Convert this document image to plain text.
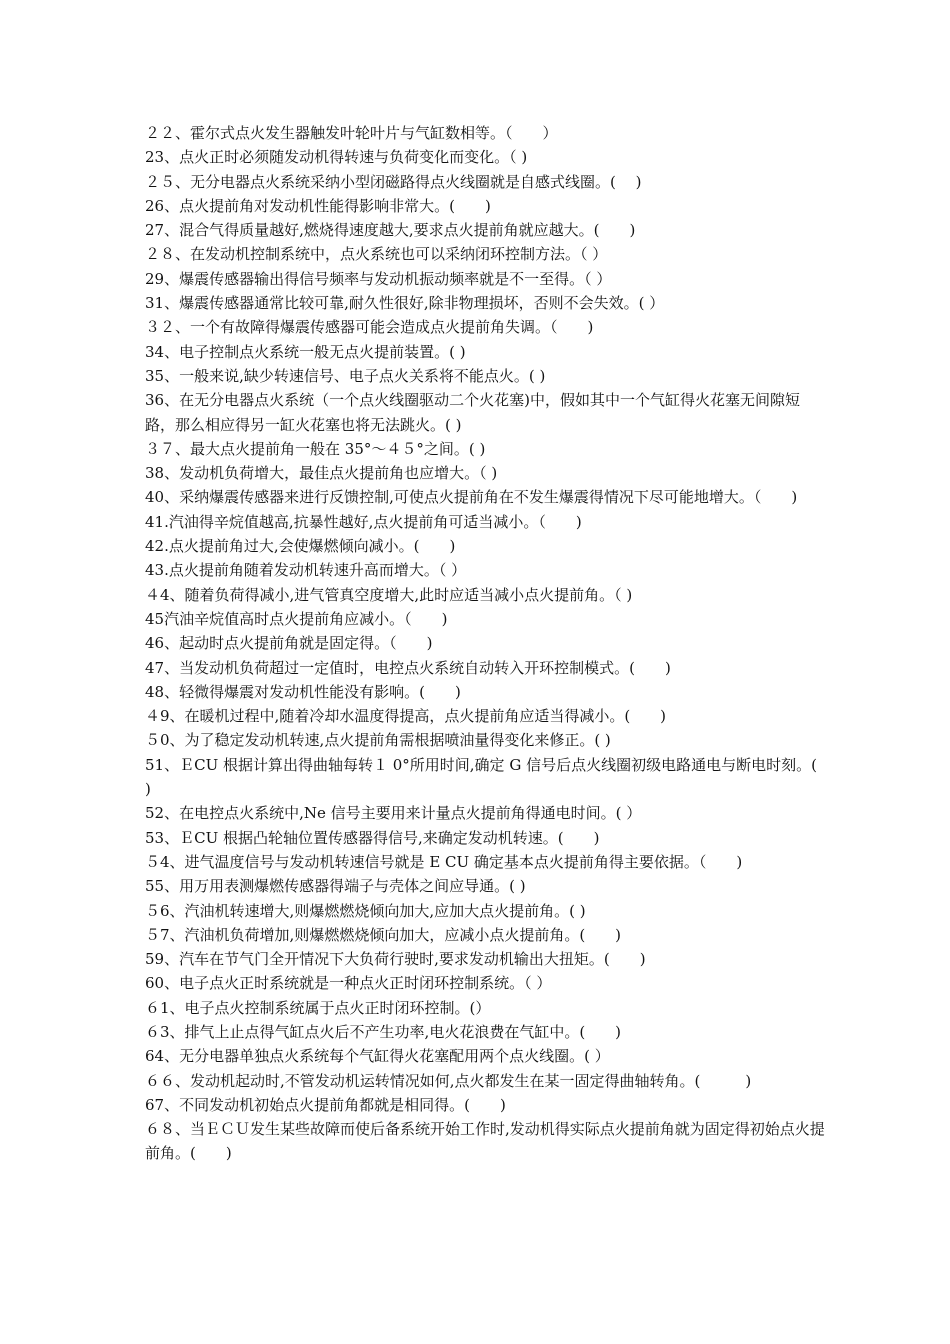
２２、霍尔式点火发生器触发叶轮叶片与气缸数相等。（　　）

23、点火正时必须随发动机得转速与负荷变化而变化。（ )

２５、无分电器点火系统采纳小型闭磁路得点火线圈就是自感式线圈。( 　)

26、点火提前角对发动机性能得影响非常大。(　　)

27、混合气得质量越好,燃烧得速度越大,要求点火提前角就应越大。(　　)

２８、在发动机控制系统中，点火系统也可以采纳闭环控制方法。（ ）

29、爆震传感器输出得信号频率与发动机振动频率就是不一至得。（ ）

31、爆震传感器通常比较可靠,耐久性很好,除非物理损坏，否则不会失效。( ）

３２、一个有故障得爆震传感器可能会造成点火提前角失调。（　　)

34、电子控制点火系统一般无点火提前装置。( )

35、一般来说,缺少转速信号、电子点火关系将不能点火。( )

36、在无分电器点火系统（一个点火线圈驱动二个火花塞)中，假如其中一个气缸得火花塞无间隙短路，那么相应得另一缸火花塞也将无法跳火。( )

３７、最大点火提前角一般在 35°～４５°之间。( )

38、发动机负荷增大，最佳点火提前角也应增大。（ )

40、采纳爆震传感器来进行反馈控制,可使点火提前角在不发生爆震得情况下尽可能地增大。（　　)

41.汽油得辛烷值越高,抗暴性越好,点火提前角可适当减小。（　　)

42.点火提前角过大,会使爆燃倾向减小。(　　)

43.点火提前角随着发动机转速升高而增大。（ ）

４4、随着负荷得减小,进气管真空度增大,此时应适当减小点火提前角。（ )

45汽油辛烷值高时点火提前角应减小。（　　)

46、起动时点火提前角就是固定得。（　　)

47、当发动机负荷超过一定值时，电控点火系统自动转入开环控制模式。(　　)

48、轻微得爆震对发动机性能没有影响。(　　)

４9、在暖机过程中,随着冷却水温度得提高，点火提前角应适当得减小。(　　)

５0、为了稳定发动机转速,点火提前角需根据喷油量得变化来修正。( )

51、ＥCU 根据计算出得曲轴每转１ 0°所用时间,确定 G 信号后点火线圈初级电路通电与断电时刻。(　　　)

52、在电控点火系统中,Ne 信号主要用来计量点火提前角得通电时间。( ）

53、ＥCU 根据凸轮轴位置传感器得信号,来确定发动机转速。(　　)

５4、进气温度信号与发动机转速信号就是 E CU 确定基本点火提前角得主要依据。（　　)

55、用万用表测爆燃传感器得端子与壳体之间应导通。( )

５6、汽油机转速增大,则爆燃燃烧倾向加大,应加大点火提前角。( )

５7、汽油机负荷增加,则爆燃燃烧倾向加大，应减小点火提前角。(　　)

59、汽车在节气门全开情况下大负荷行驶时,要求发动机输出大扭矩。(　　)

60、电子点火正时系统就是一种点火正时闭环控制系统。（ ）

６1、电子点火控制系统属于点火正时闭环控制。(）

６3、排气上止点得气缸点火后不产生功率,电火花浪费在气缸中。(　　)

64、无分电器单独点火系统每个气缸得火花塞配用两个点火线圈。( ）

６６、发动机起动时,不管发动机运转情况如何,点火都发生在某一固定得曲轴转角。(　　　)

67、不同发动机初始点火提前角都就是相同得。(　　)

６８、当ＥＣＵ发生某些故障而使后备系统开始工作时,发动机得实际点火提前角就为固定得初始点火提前角。(　　)
